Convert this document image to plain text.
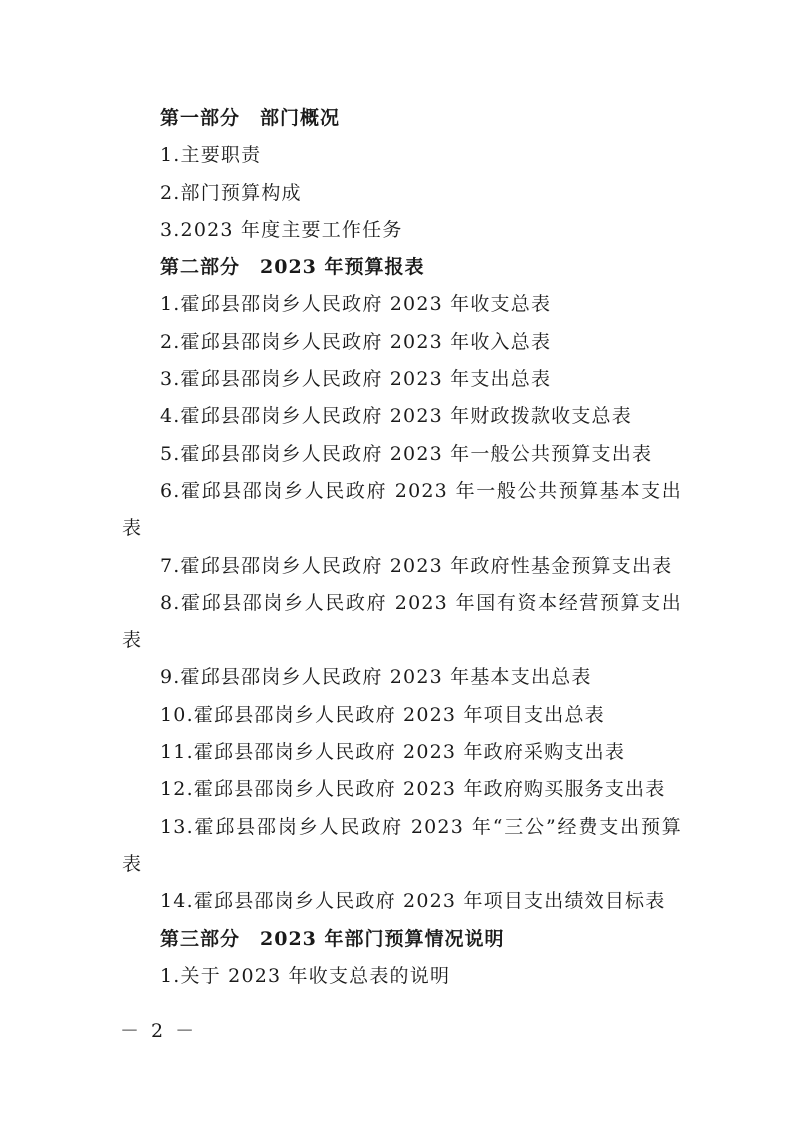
第一部分　部门概况
1.主要职责
2.部门预算构成
3.2023 年度主要工作任务
第二部分　2023 年预算报表
1.霍邱县邵岗乡人民政府 2023 年收支总表
2.霍邱县邵岗乡人民政府 2023 年收入总表
3.霍邱县邵岗乡人民政府 2023 年支出总表
4.霍邱县邵岗乡人民政府 2023 年财政拨款收支总表
5.霍邱县邵岗乡人民政府 2023 年一般公共预算支出表
6.霍邱县邵岗乡人民政府 2023 年一般公共预算基本支出表
7.霍邱县邵岗乡人民政府 2023 年政府性基金预算支出表
8.霍邱县邵岗乡人民政府 2023 年国有资本经营预算支出表
9.霍邱县邵岗乡人民政府 2023 年基本支出总表
10.霍邱县邵岗乡人民政府 2023 年项目支出总表
11.霍邱县邵岗乡人民政府 2023 年政府采购支出表
12.霍邱县邵岗乡人民政府 2023 年政府购买服务支出表
13.霍邱县邵岗乡人民政府 2023 年“三公”经费支出预算表
14.霍邱县邵岗乡人民政府 2023 年项目支出绩效目标表
第三部分　2023 年部门预算情况说明
1.关于 2023 年收支总表的说明
－ 2 －
